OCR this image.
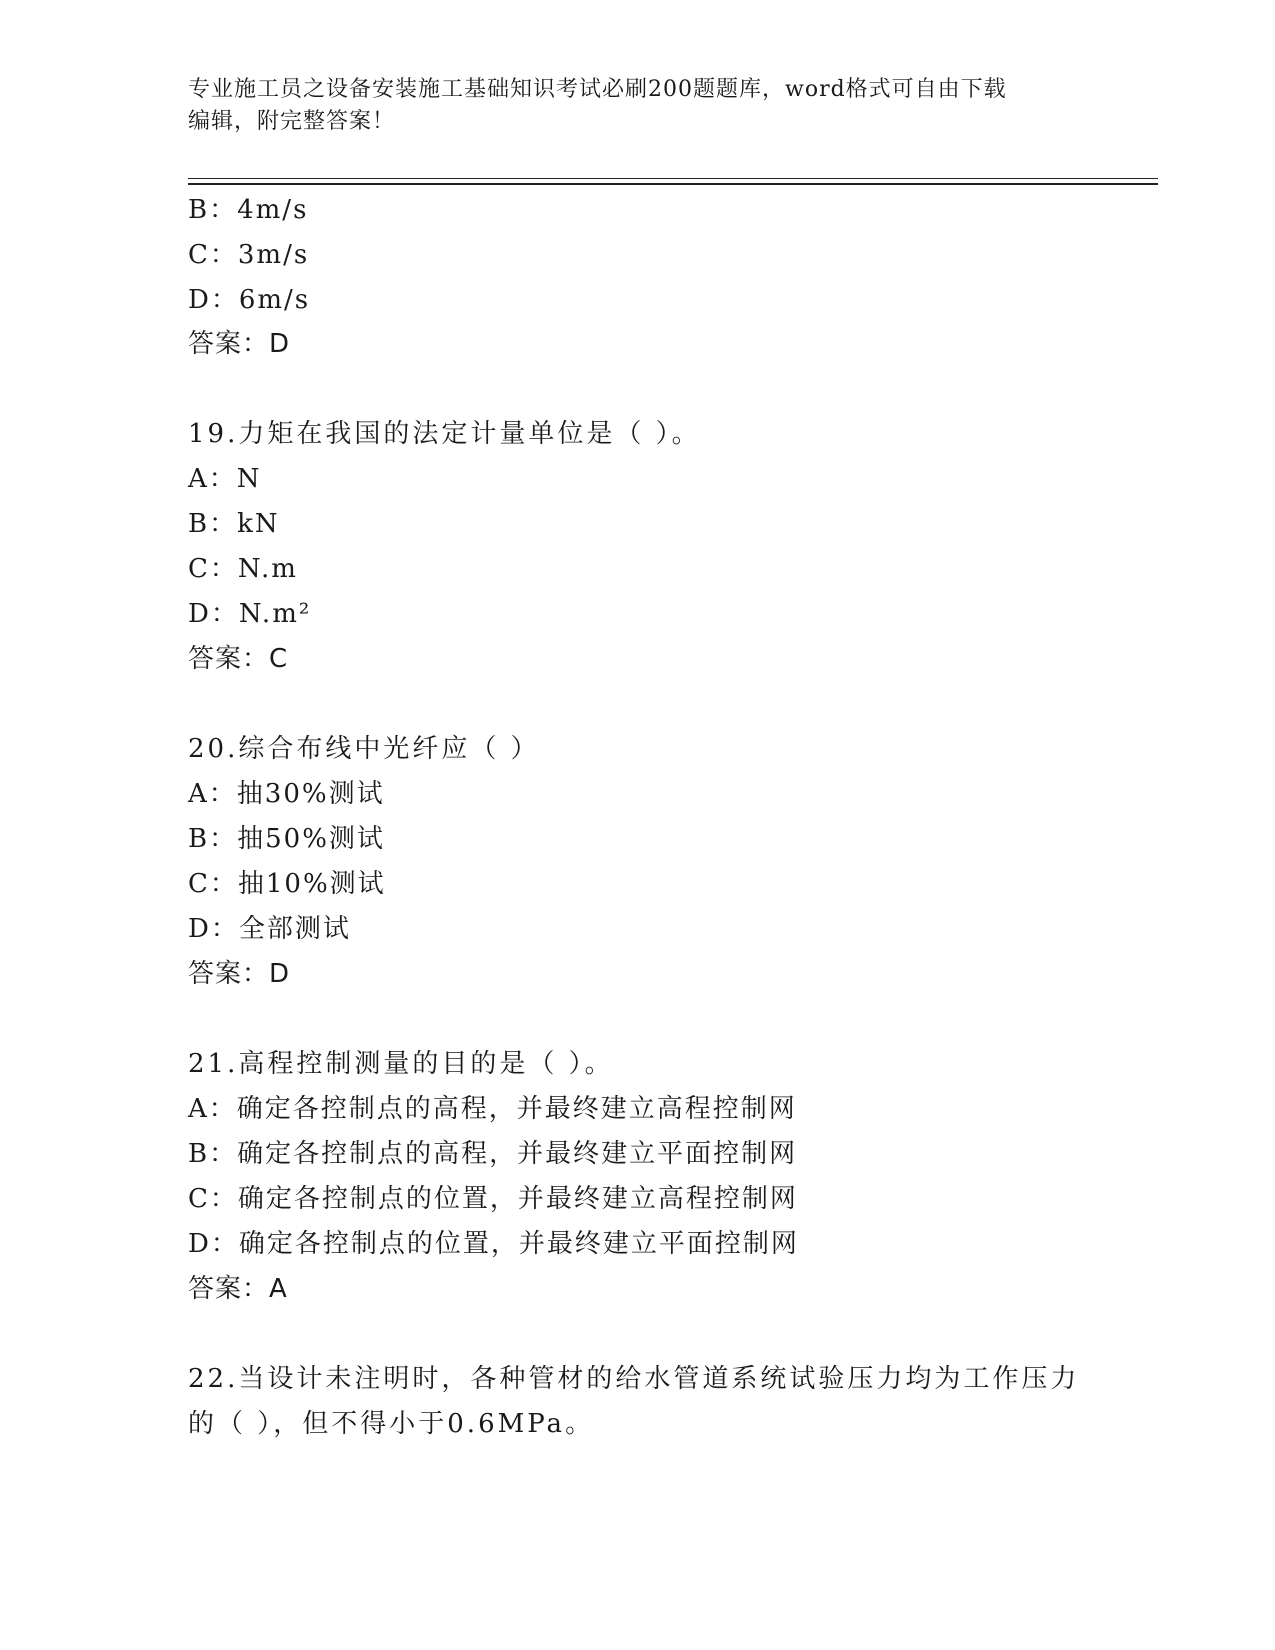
专业施工员之设备安装施工基础知识考试必刷200题题库，word格式可自由下载
编辑，附完整答案！
B：4m/s
C：3m/s
D：6m/s
答案：D
19.力矩在我国的法定计量单位是（ ）。
A：N
B：kN
C：N.m
D：N.m²
答案：C
20.综合布线中光纤应（ ）
A：抽30%测试
B：抽50%测试
C：抽10%测试
D：全部测试
答案：D
21.高程控制测量的目的是（ ）。
A：确定各控制点的高程，并最终建立高程控制网
B：确定各控制点的高程，并最终建立平面控制网
C：确定各控制点的位置，并最终建立高程控制网
D：确定各控制点的位置，并最终建立平面控制网
答案：A
22.当设计未注明时，各种管材的给水管道系统试验压力均为工作压力
的（ ），但不得小于0.6MPa。
